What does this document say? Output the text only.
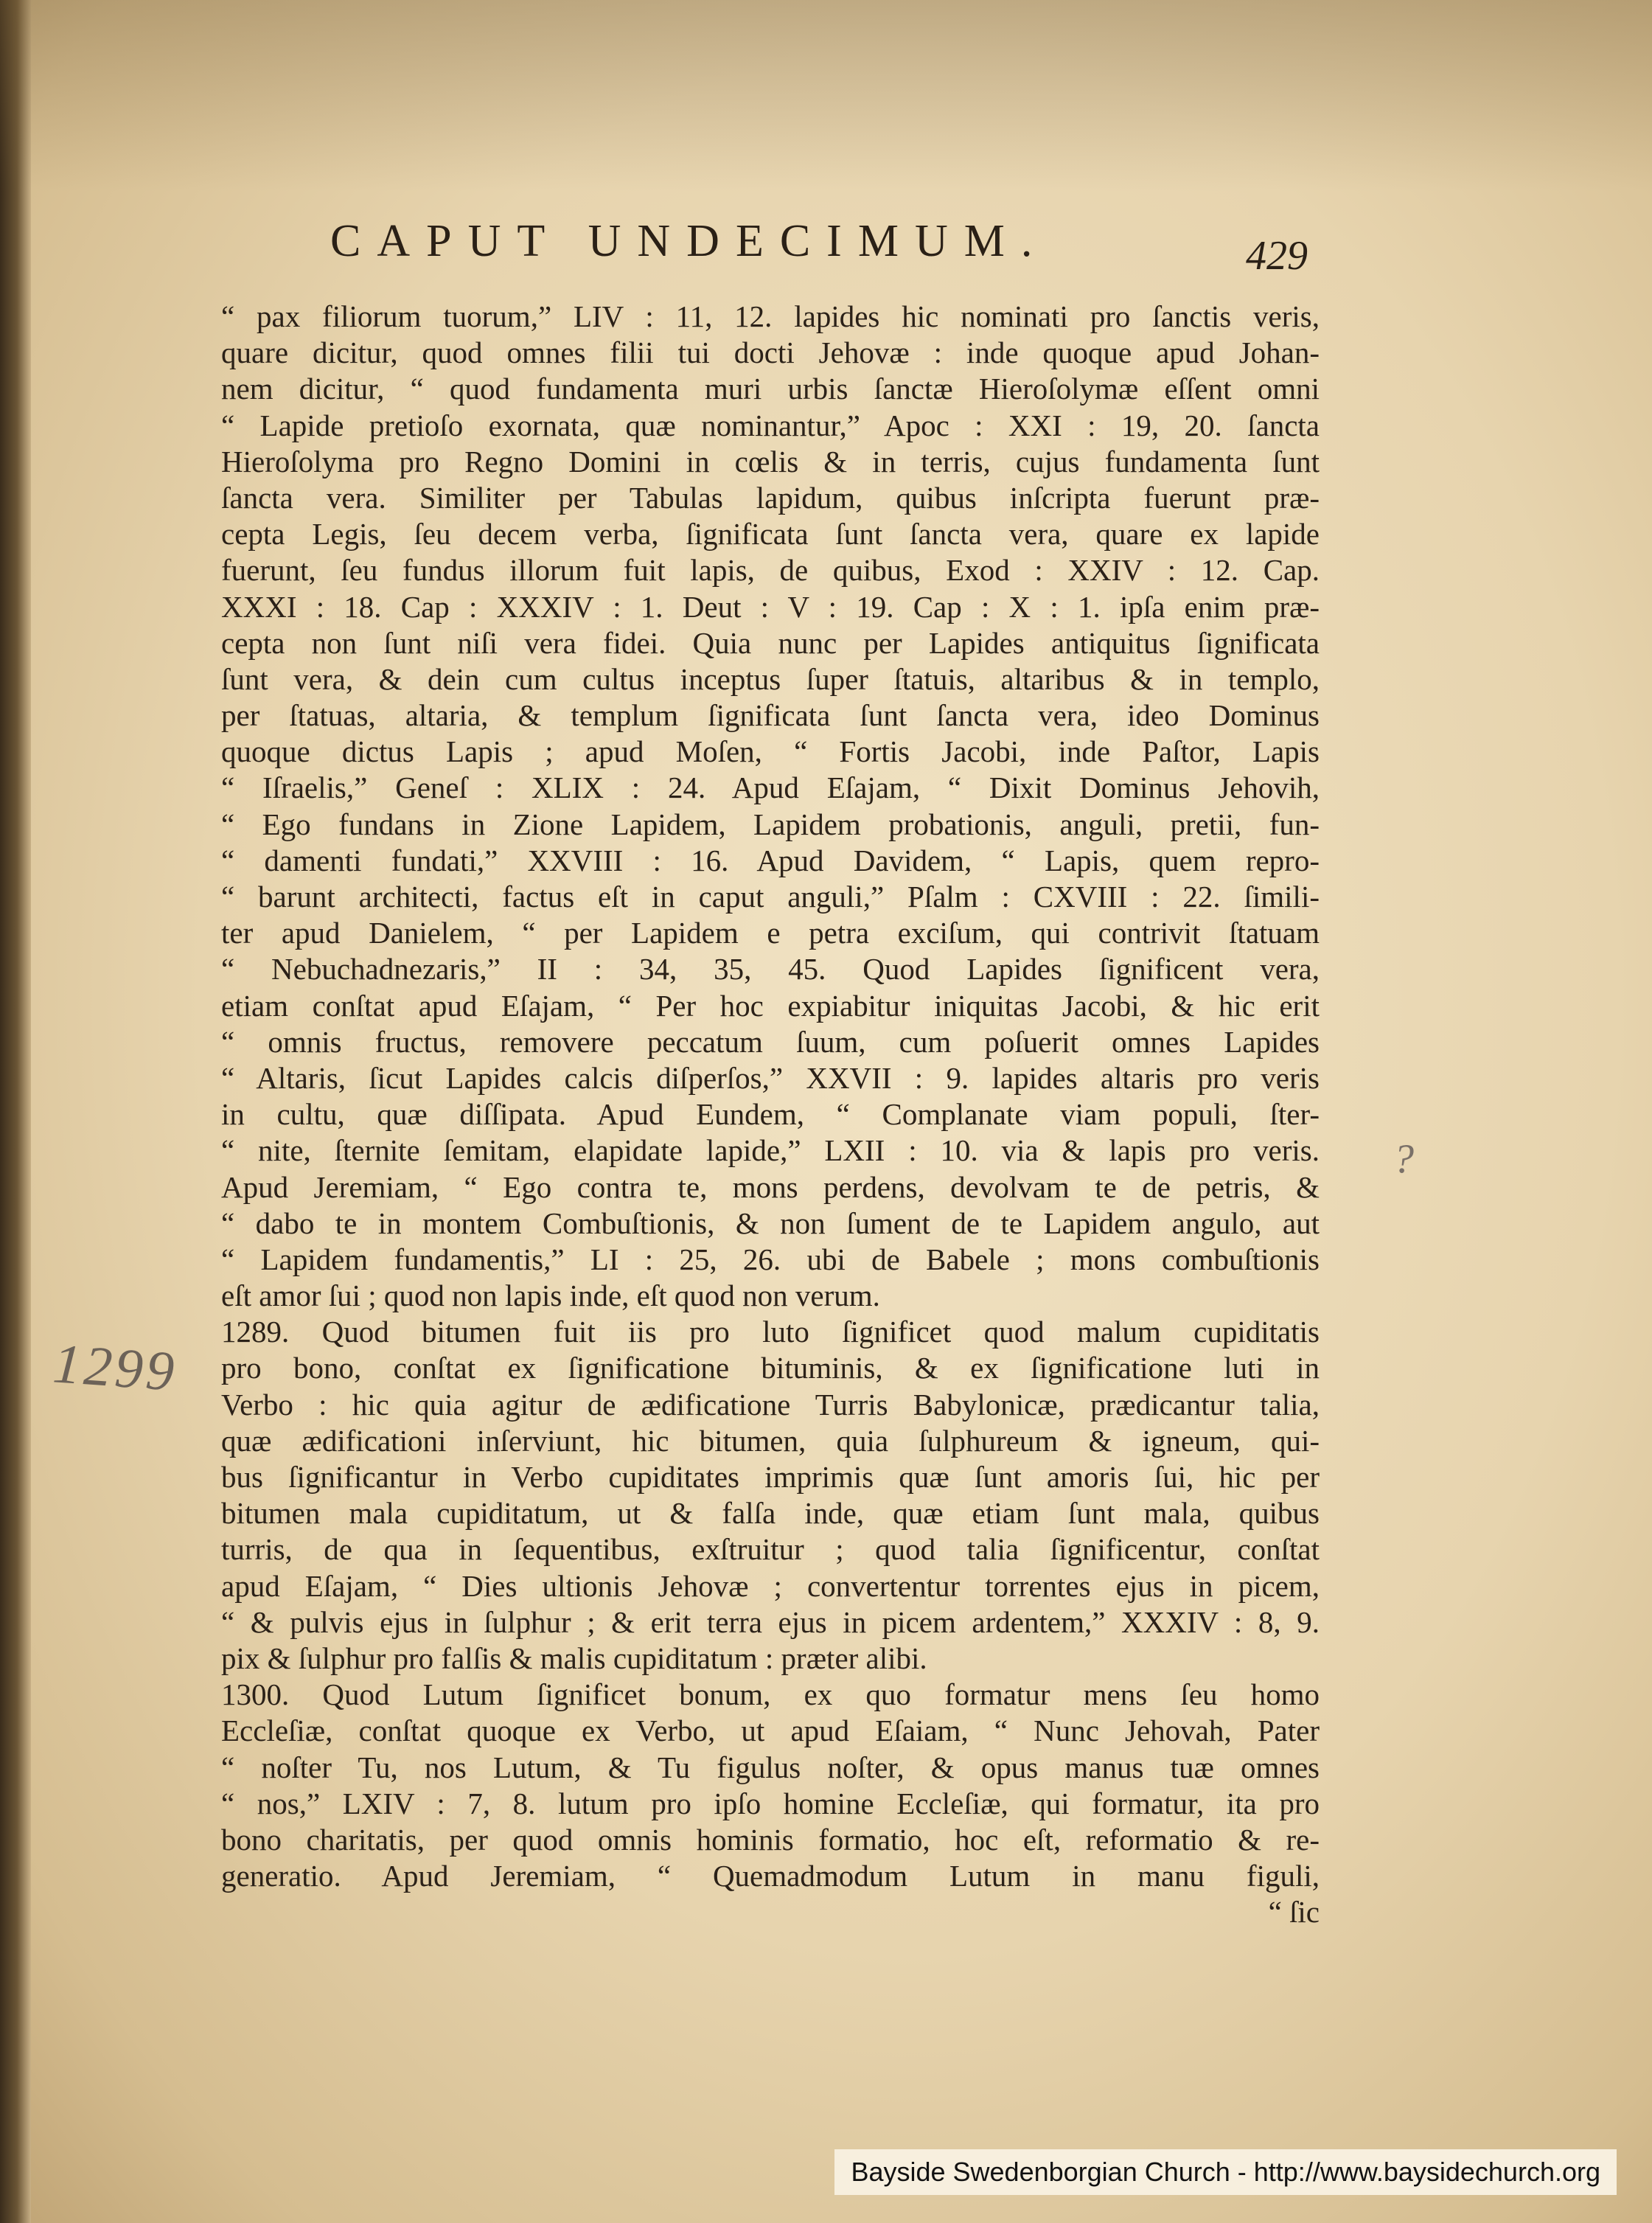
CAPUT UNDECIMUM.	429
“ pax filiorum tuorum,” LIV : 11, 12. lapides hic nominati pro ſanctis veris,
quare dicitur, quod omnes filii tui docti Jehovæ : inde quoque apud Johan-
nem dicitur, “ quod fundamenta muri urbis ſanctæ Hieroſolymæ eſſent omni
“ Lapide pretioſo exornata, quæ nominantur,” Apoc : XXI : 19, 20. ſancta
Hieroſolyma pro Regno Domini in cœlis & in terris, cujus fundamenta ſunt
ſancta vera. Similiter per Tabulas lapidum, quibus inſcripta fuerunt præ-
cepta Legis, ſeu decem verba, ſignificata ſunt ſancta vera, quare ex lapide
fuerunt, ſeu fundus illorum fuit lapis, de quibus, Exod : XXIV : 12. Cap.
XXXI : 18. Cap : XXXIV : 1. Deut : V : 19. Cap : X : 1. ipſa enim præ-
cepta non ſunt niſi vera fidei. Quia nunc per Lapides antiquitus ſignificata
ſunt vera, & dein cum cultus inceptus ſuper ſtatuis, altaribus & in templo,
per ſtatuas, altaria, & templum ſignificata ſunt ſancta vera, ideo Dominus
quoque dictus Lapis ; apud Moſen, “ Fortis Jacobi, inde Paſtor, Lapis
“ Iſraelis,” Geneſ : XLIX : 24. Apud Eſajam, “ Dixit Dominus Jehovih,
“ Ego fundans in Zione Lapidem, Lapidem probationis, anguli, pretii, fun-
“ damenti fundati,” XXVIII : 16. Apud Davidem, “ Lapis, quem repro-
“ barunt architecti, factus eſt in caput anguli,” Pſalm : CXVIII : 22. ſimili-
ter apud Danielem, “ per Lapidem e petra exciſum, qui contrivit ſtatuam
“ Nebuchadnezaris,” II : 34, 35, 45. Quod Lapides ſignificent vera,
etiam conſtat apud Eſajam, “ Per hoc expiabitur iniquitas Jacobi, & hic erit
“ omnis fructus, removere peccatum ſuum, cum poſuerit omnes Lapides
“ Altaris, ſicut Lapides calcis diſperſos,” XXVII : 9. lapides altaris pro veris
in cultu, quæ diſſipata. Apud Eundem, “ Complanate viam populi, ſter-
“ nite, ſternite ſemitam, elapidate lapide,” LXII : 10. via & lapis pro veris.
Apud Jeremiam, “ Ego contra te, mons perdens, devolvam te de petris, &
“ dabo te in montem Combuſtionis, & non ſument de te Lapidem angulo, aut
“ Lapidem fundamentis,” LI : 25, 26. ubi de Babele ; mons combuſtionis
eſt amor ſui ; quod non lapis inde, eſt quod non verum.
1289. Quod bitumen fuit iis pro luto ſignificet quod malum cupiditatis
pro bono, conſtat ex ſignificatione bituminis, & ex ſignificatione luti in
Verbo : hic quia agitur de ædificatione Turris Babylonicæ, prædicantur talia,
quæ ædificationi inſerviunt, hic bitumen, quia ſulphureum & igneum, qui-
bus ſignificantur in Verbo cupiditates imprimis quæ ſunt amoris ſui, hic per
bitumen mala cupiditatum, ut & falſa inde, quæ etiam ſunt mala, quibus
turris, de qua in ſequentibus, exſtruitur ; quod talia ſignificentur, conſtat
apud Eſajam, “ Dies ultionis Jehovæ ; convertentur torrentes ejus in picem,
“ & pulvis ejus in ſulphur ; & erit terra ejus in picem ardentem,” XXXIV : 8, 9.
pix & ſulphur pro falſis & malis cupiditatum : præter alibi.
1300. Quod Lutum ſignificet bonum, ex quo formatur mens ſeu homo
Eccleſiæ, conſtat quoque ex Verbo, ut apud Eſaiam, “ Nunc Jehovah, Pater
“ noſter Tu, nos Lutum, & Tu figulus noſter, & opus manus tuæ omnes
“ nos,” LXIV : 7, 8. lutum pro ipſo homine Eccleſiæ, qui formatur, ita pro
bono charitatis, per quod omnis hominis formatio, hoc eſt, reformatio & re-
generatio. Apud Jeremiam, “ Quemadmodum Lutum in manu figuli,
“ ſic
1299
?
Bayside Swedenborgian Church - http://www.baysidechurch.org
